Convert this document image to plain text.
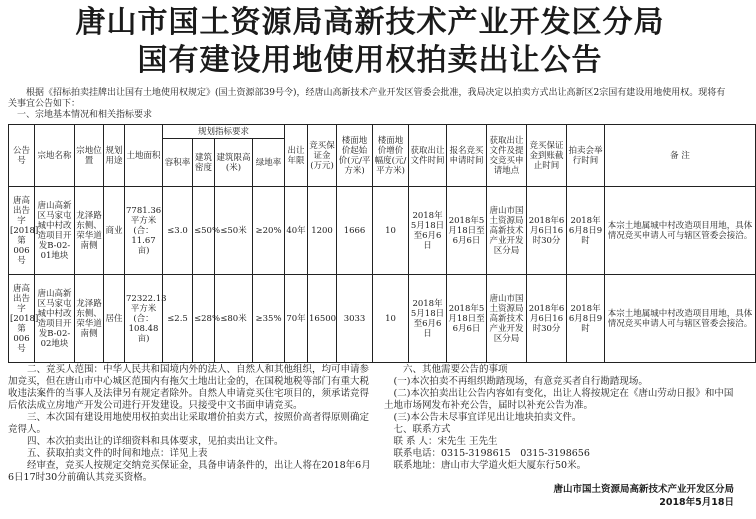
唐山市国土资源局高新技术产业开发区分局
国有建设用地使用权拍卖出让公告

根据《招标拍卖挂牌出让国有土地使用权规定》(国土资源部39号令)，经唐山高新技术产业开发区管委会批准，我局决定以拍卖方式出让高新区2宗国有建设用地使用权。现将有关事宜公告如下：

一、宗地基本情况和相关指标要求

公告号	宗地名称	宗地位置	规划用途	土地面积	规划指标要求				出让年限	竞买保证金(万元)	楼面地价起始价(元/平方米)	楼面地价增价幅度(元/平方米)	获取出让文件时间	报名竞买申请时间	获取出让文件及提交竞买申请地点	竞买保证金到账截止时间	拍卖会举行时间	备 注
					容积率	建筑密度	建筑限高(米)	绿地率										
唐高出告字[2018]第006号	唐山高新区马家屯城中村改造项目开发B-02-01地块	龙泽路东侧、荣华道南侧	商业	7781.36平方米(合：11.67亩)	≤3.0	≤50%	≤50米	≥20%	40年	1200	1666	10	2018年5月18日至6月6日	2018年5月18日至6月6日	唐山市国土资源局高新技术产业开发区分局	2018年6月6日16时30分	2018年6月8日9时	本宗土地属城中村改造项目用地，具体情况竞买申请人可与辖区管委会接洽。
唐高出告字[2018]第006号	唐山高新区马家屯城中村改造项目开发B-02-02地块	龙泽路东侧、荣华道南侧	居住	72322.13平方米(合：108.48亩)	≤2.5	≤28%	≤80米	≥35%	70年	16500	3033	10	2018年5月18日至6月6日	2018年5月18日至6月6日	唐山市国土资源局高新技术产业开发区分局	2018年6月6日16时30分	2018年6月8日9时	本宗土地属城中村改造项目用地，具体情况竞买申请人可与辖区管委会接洽。

二、竞买人范围：中华人民共和国境内外的法人、自然人和其他组织，均可申请参加竞买，但在唐山市中心城区范围内有拖欠土地出让金的，在国税地税等部门有重大税收违法案件的当事人及法律另有规定者除外。自然人申请竞买住宅项目的，须承诺竞得后依法成立房地产开发公司进行开发建设。只接受中文书面申请竞买。

三、本次国有建设用地使用权拍卖出让采取增价拍卖方式，按照价高者得原则确定竞得人。

四、本次拍卖出让的详细资料和具体要求，见拍卖出让文件。

五、获取拍卖文件的时间和地点：详见上表

经审查，竞买人按规定交纳竞买保证金，具备申请条件的，出让人将在2018年6月6日17时30分前确认其竞买资格。

六、其他需要公告的事项

(一)本次拍卖不再组织勘踏现场，有意竞买者自行勘踏现场。

(二)本次拍卖出让公告内容如有变化，出让人将按规定在《唐山劳动日报》和中国土地市场网发布补充公告，届时以补充公告为准。

(三)本公告未尽事宜详见出让地块拍卖文件。

七、联系方式

联 系 人：宋先生 王先生

联系电话：0315-3198615　0315-3198656

联系地址：唐山市大学道火炬大厦东行50米。

唐山市国土资源局高新技术产业开发区分局
2018年5月18日
